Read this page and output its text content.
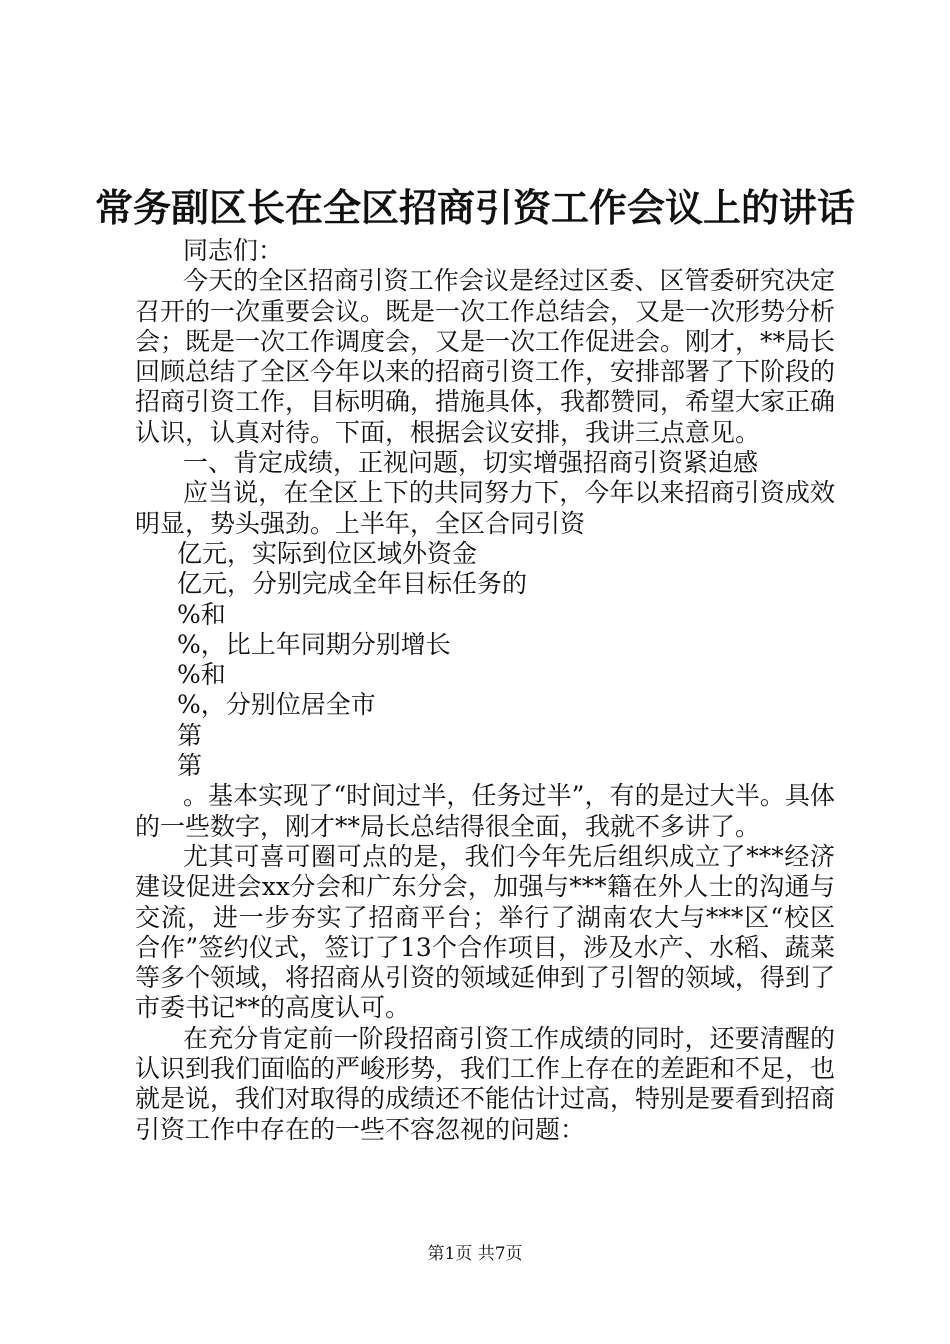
常务副区长在全区招商引资工作会议上的讲话

同志们：

今天的全区招商引资工作会议是经过区委、区管委研究决定召开的一次重要会议。既是一次工作总结会，又是一次形势分析会；既是一次工作调度会，又是一次工作促进会。刚才，**局长回顾总结了全区今年以来的招商引资工作，安排部署了下阶段的招商引资工作，目标明确，措施具体，我都赞同，希望大家正确认识，认真对待。下面，根据会议安排，我讲三点意见。

一、肯定成绩，正视问题，切实增强招商引资紧迫感

应当说，在全区上下的共同努力下，今年以来招商引资成效明显，势头强劲。上半年，全区合同引资

亿元，实际到位区域外资金

亿元，分别完成全年目标任务的

%和

%，比上年同期分别增长

%和

%，分别位居全市

第

第

。基本实现了“时间过半，任务过半”，有的是过大半。具体的一些数字，刚才**局长总结得很全面，我就不多讲了。

尤其可喜可圈可点的是，我们今年先后组织成立了***经济建设促进会xx分会和广东分会，加强与***籍在外人士的沟通与交流，进一步夯实了招商平台；举行了湖南农大与***区“校区合作”签约仪式，签订了13个合作项目，涉及水产、水稻、蔬菜等多个领域，将招商从引资的领域延伸到了引智的领域，得到了市委书记**的高度认可。

在充分肯定前一阶段招商引资工作成绩的同时，还要清醒的认识到我们面临的严峻形势，我们工作上存在的差距和不足，也就是说，我们对取得的成绩还不能估计过高，特别是要看到招商引资工作中存在的一些不容忽视的问题：

第1页 共7页
